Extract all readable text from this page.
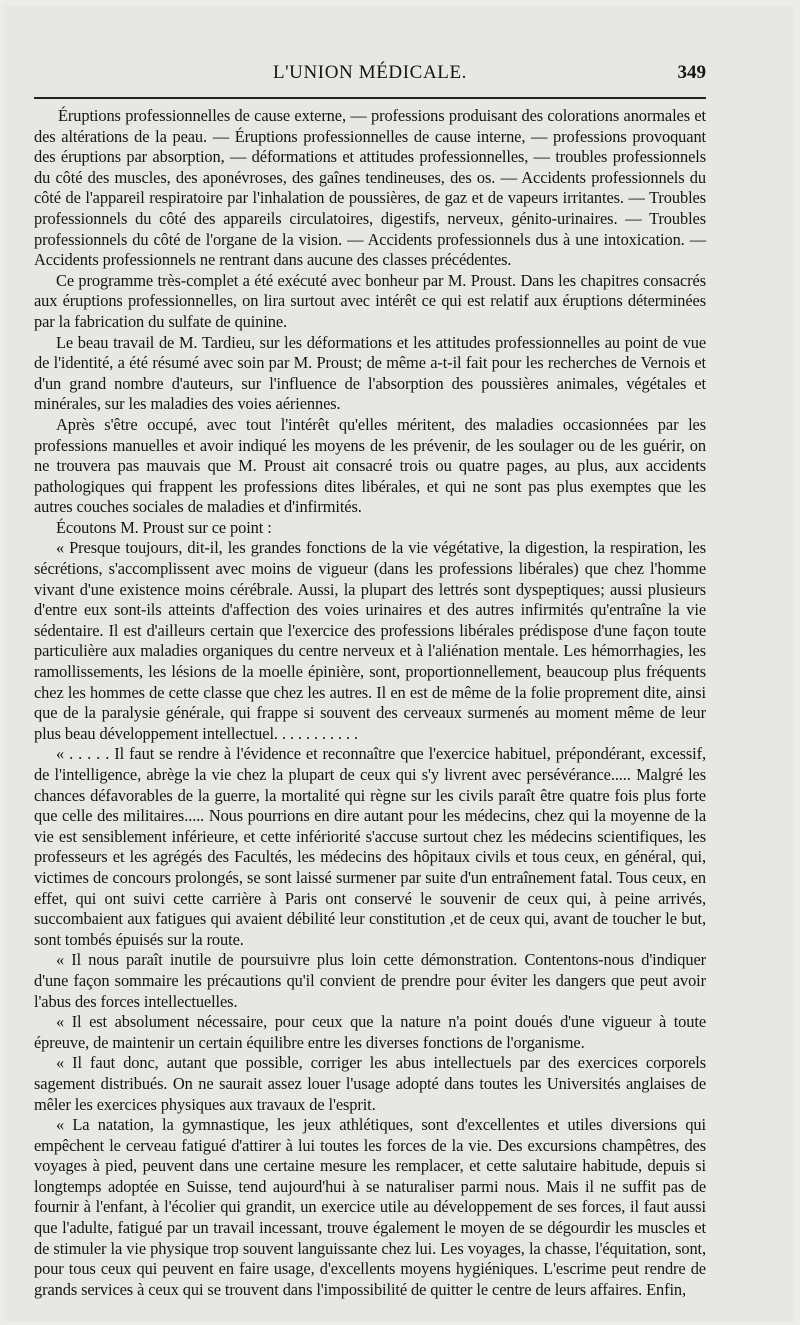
L'UNION MÉDICALE.	349

Éruptions professionnelles de cause externe, — professions produisant des colorations anormales et des altérations de la peau. — Éruptions professionnelles de cause interne, — professions provoquant des éruptions par absorption, — déformations et attitudes professionnelles, — troubles professionnels du côté des muscles, des aponévroses, des gaînes tendineuses, des os. — Accidents professionnels du côté de l'appareil respiratoire par l'inhalation de poussières, de gaz et de vapeurs irritantes. — Troubles professionnels du côté des appareils circulatoires, digestifs, nerveux, génito-urinaires. — Troubles professionnels du côté de l'organe de la vision. — Accidents professionnels dus à une intoxication. — Accidents professionnels ne rentrant dans aucune des classes précédentes.

Ce programme très-complet a été exécuté avec bonheur par M. Proust. Dans les chapitres consacrés aux éruptions professionnelles, on lira surtout avec intérêt ce qui est relatif aux éruptions déterminées par la fabrication du sulfate de quinine.

Le beau travail de M. Tardieu, sur les déformations et les attitudes professionnelles au point de vue de l'identité, a été résumé avec soin par M. Proust; de même a-t-il fait pour les recherches de Vernois et d'un grand nombre d'auteurs, sur l'influence de l'absorption des poussières animales, végétales et minérales, sur les maladies des voies aériennes.

Après s'être occupé, avec tout l'intérêt qu'elles méritent, des maladies occasionnées par les professions manuelles et avoir indiqué les moyens de les prévenir, de les soulager ou de les guérir, on ne trouvera pas mauvais que M. Proust ait consacré trois ou quatre pages, au plus, aux accidents pathologiques qui frappent les professions dites libérales, et qui ne sont pas plus exemptes que les autres couches sociales de maladies et d'infirmités.

Écoutons M. Proust sur ce point :

« Presque toujours, dit-il, les grandes fonctions de la vie végétative, la digestion, la respiration, les sécrétions, s'accomplissent avec moins de vigueur (dans les professions libérales) que chez l'homme vivant d'une existence moins cérébrale. Aussi, la plupart des lettrés sont dyspeptiques; aussi plusieurs d'entre eux sont-ils atteints d'affection des voies urinaires et des autres infirmités qu'entraîne la vie sédentaire. Il est d'ailleurs certain que l'exercice des professions libérales prédispose d'une façon toute particulière aux maladies organiques du centre nerveux et à l'aliénation mentale. Les hémorrhagies, les ramollissements, les lésions de la moelle épinière, sont, proportionnellement, beaucoup plus fréquents chez les hommes de cette classe que chez les autres. Il en est de même de la folie proprement dite, ainsi que de la paralysie générale, qui frappe si souvent des cerveaux surmenés au moment même de leur plus beau développement intellectuel. . . . . . . . . . .

« . . . . . Il faut se rendre à l'évidence et reconnaître que l'exercice habituel, prépondérant, excessif, de l'intelligence, abrège la vie chez la plupart de ceux qui s'y livrent avec persévérance..... Malgré les chances défavorables de la guerre, la mortalité qui règne sur les civils paraît être quatre fois plus forte que celle des militaires..... Nous pourrions en dire autant pour les médecins, chez qui la moyenne de la vie est sensiblement inférieure, et cette infériorité s'accuse surtout chez les médecins scientifiques, les professeurs et les agrégés des Facultés, les médecins des hôpitaux civils et tous ceux, en général, qui, victimes de concours prolongés, se sont laissé surmener par suite d'un entraînement fatal. Tous ceux, en effet, qui ont suivi cette carrière à Paris ont conservé le souvenir de ceux qui, à peine arrivés, succombaient aux fatigues qui avaient débilité leur constitution ,et de ceux qui, avant de toucher le but, sont tombés épuisés sur la route.

« Il nous paraît inutile de poursuivre plus loin cette démonstration. Contentons-nous d'indiquer d'une façon sommaire les précautions qu'il convient de prendre pour éviter les dangers que peut avoir l'abus des forces intellectuelles.

« Il est absolument nécessaire, pour ceux que la nature n'a point doués d'une vigueur à toute épreuve, de maintenir un certain équilibre entre les diverses fonctions de l'organisme.

« Il faut donc, autant que possible, corriger les abus intellectuels par des exercices corporels sagement distribués. On ne saurait assez louer l'usage adopté dans toutes les Universités anglaises de mêler les exercices physiques aux travaux de l'esprit.

« La natation, la gymnastique, les jeux athlétiques, sont d'excellentes et utiles diversions qui empêchent le cerveau fatigué d'attirer à lui toutes les forces de la vie. Des excursions champêtres, des voyages à pied, peuvent dans une certaine mesure les remplacer, et cette salutaire habitude, depuis si longtemps adoptée en Suisse, tend aujourd'hui à se naturaliser parmi nous. Mais il ne suffit pas de fournir à l'enfant, à l'écolier qui grandit, un exercice utile au développement de ses forces, il faut aussi que l'adulte, fatigué par un travail incessant, trouve également le moyen de se dégourdir les muscles et de stimuler la vie physique trop souvent languissante chez lui. Les voyages, la chasse, l'équitation, sont, pour tous ceux qui peuvent en faire usage, d'excellents moyens hygiéniques. L'escrime peut rendre de grands services à ceux qui se trouvent dans l'impossibilité de quitter le centre de leurs affaires. Enfin,
